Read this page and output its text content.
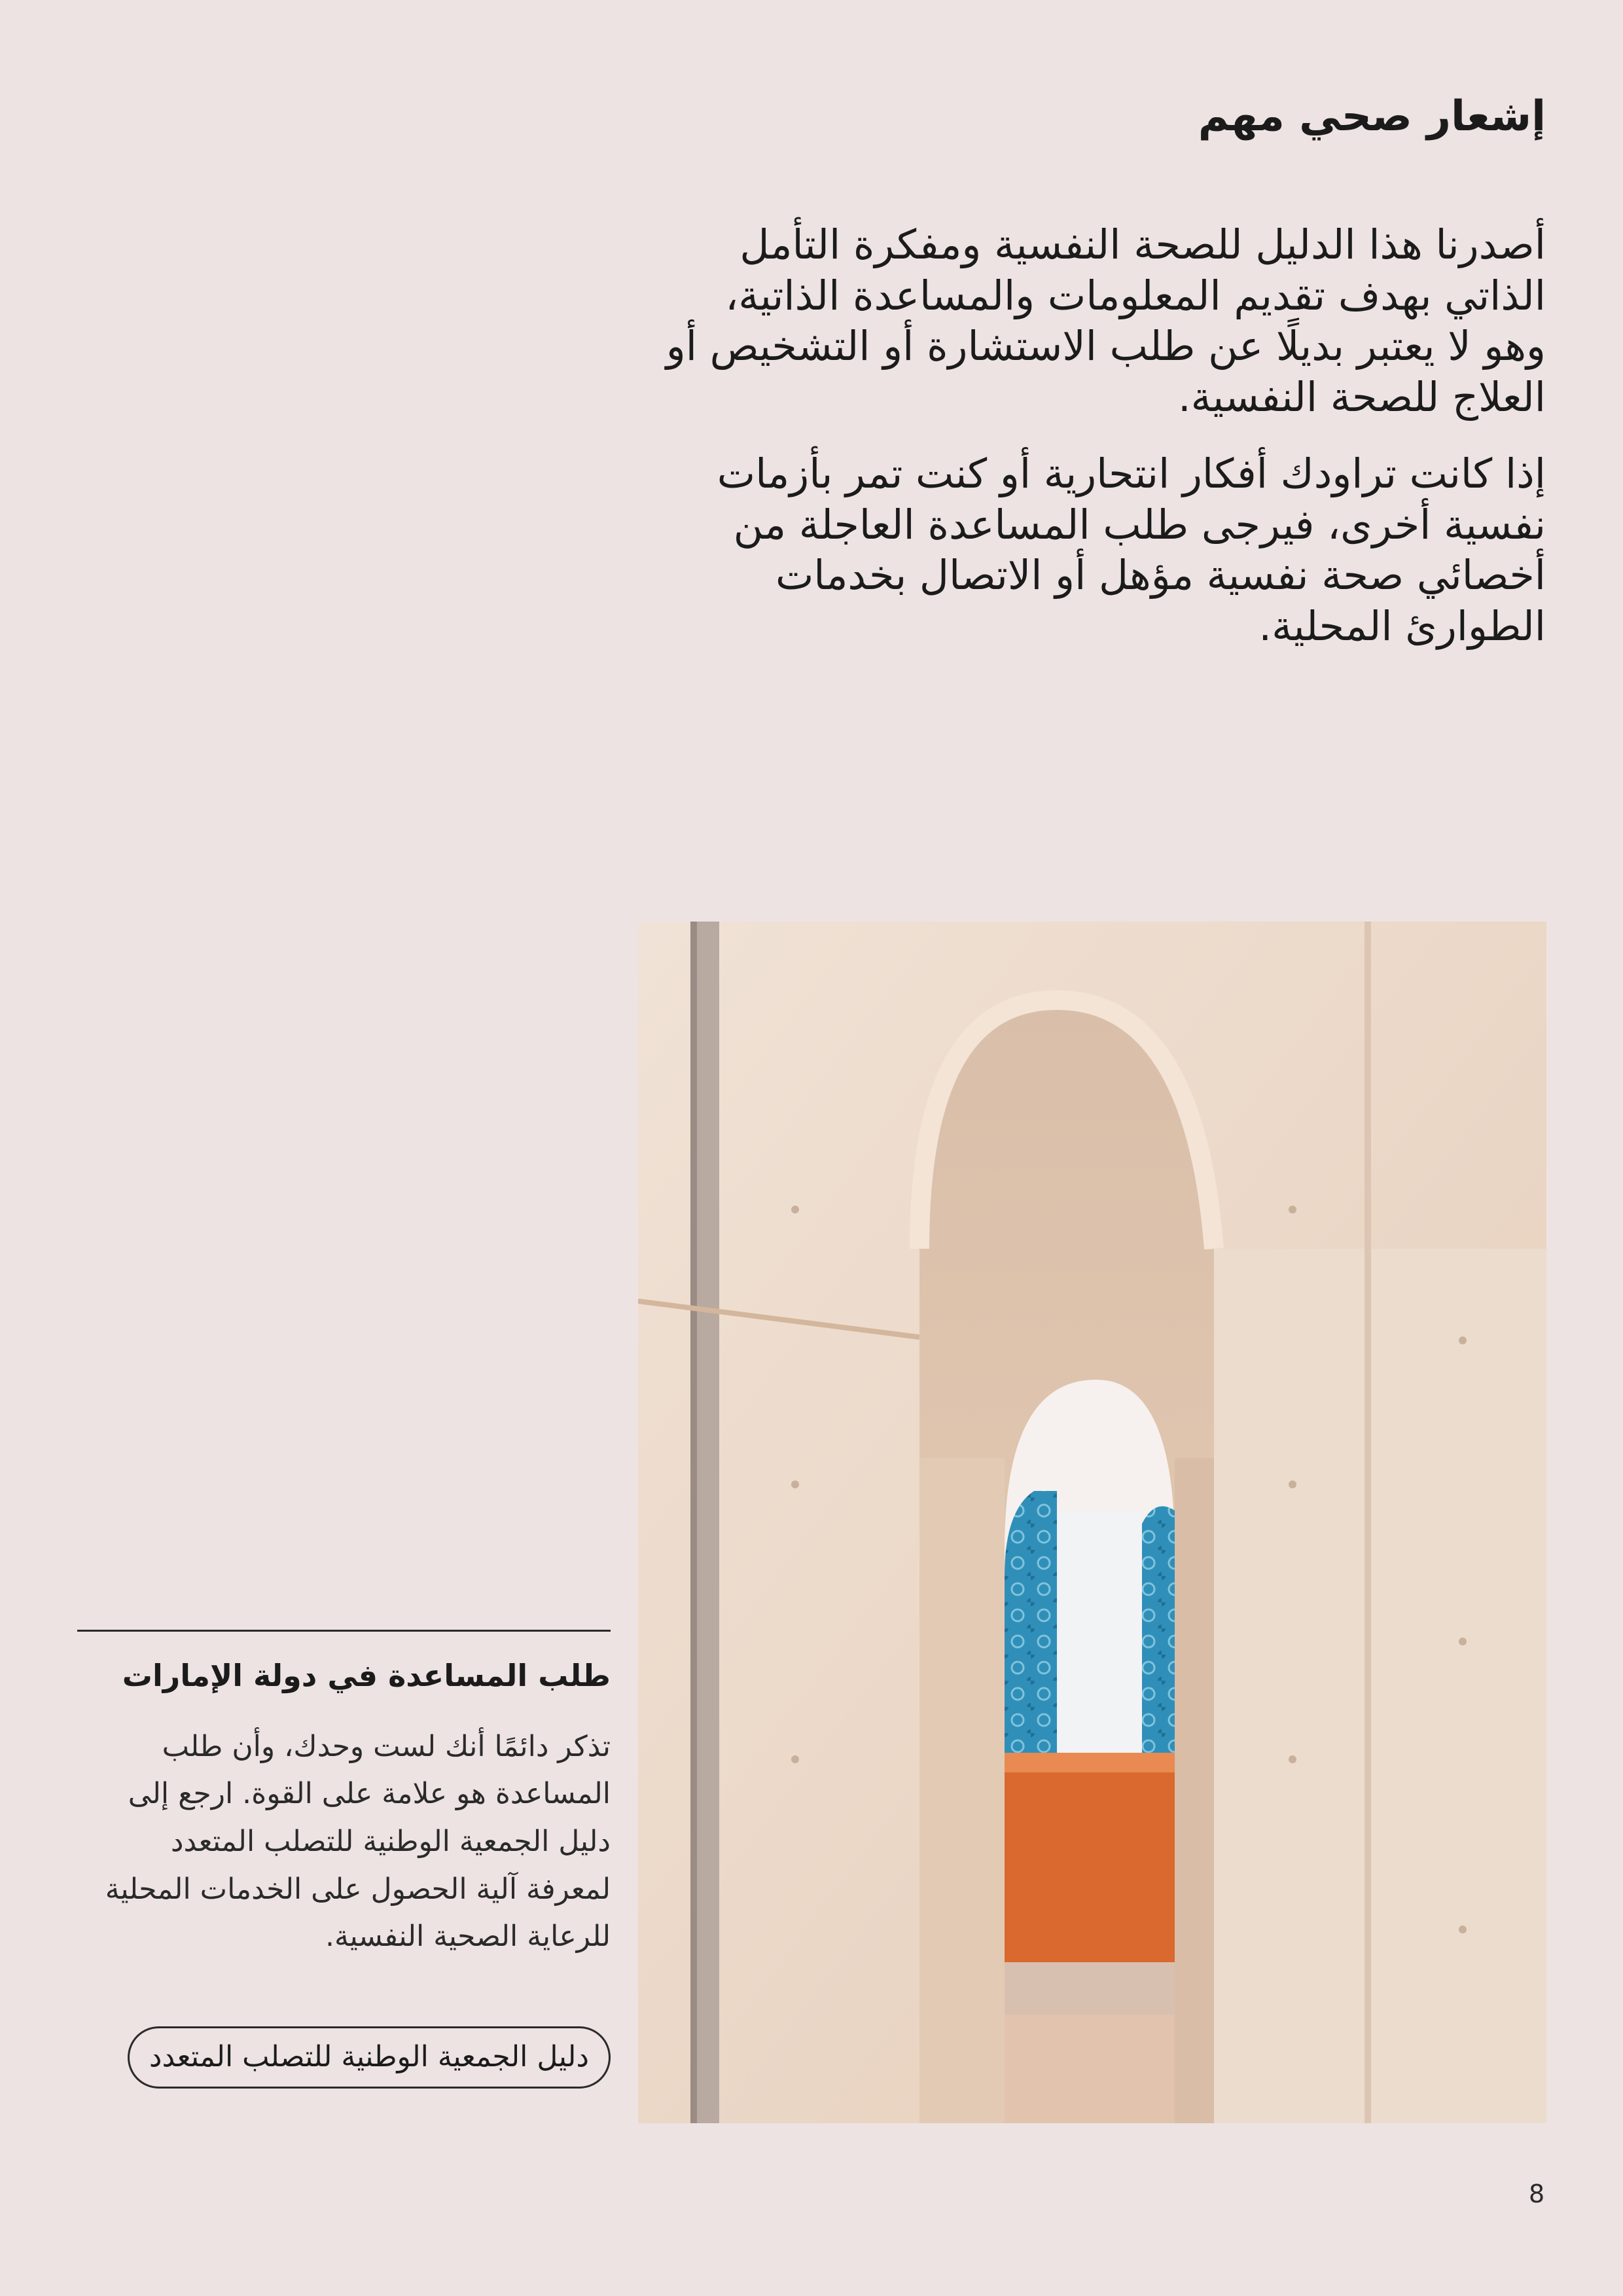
إشعار صحي مهم

أصدرنا هذا الدليل للصحة النفسية ومفكرة التأمل الذاتي بهدف تقديم المعلومات والمساعدة الذاتية، وهو لا يعتبر بديلًا عن طلب الاستشارة أو التشخيص أو العلاج للصحة النفسية.

إذا كانت تراودك أفكار انتحارية أو كنت تمر بأزمات نفسية أخرى، فيرجى طلب المساعدة العاجلة من أخصائي صحة نفسية مؤهل أو الاتصال بخدمات الطوارئ المحلية.

طلب المساعدة في دولة الإمارات

تذكر دائمًا أنك لست وحدك، وأن طلب المساعدة هو علامة على القوة. ارجع إلى دليل الجمعية الوطنية للتصلب المتعدد لمعرفة آلية الحصول على الخدمات المحلية للرعاية الصحية النفسية.

دليل الجمعية الوطنية للتصلب المتعدد
8
